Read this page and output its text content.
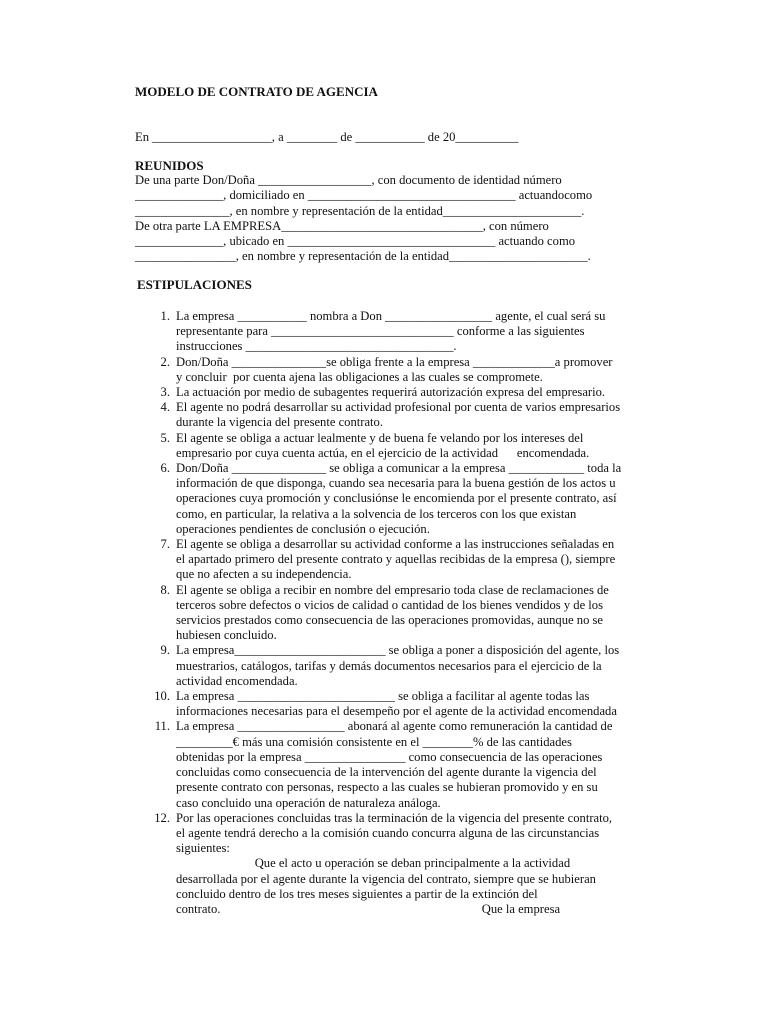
MODELO DE CONTRATO DE AGENCIA
En ___________________, a ________ de ___________ de 20__________
REUNIDOS
De una parte Don/Doña __________________, con documento de identidad número
______________, domiciliado en _________________________________ actuandocomo
_______________, en nombre y representación de la entidad______________________.
De otra parte LA EMPRESA________________________________, con número
______________, ubicado en _________________________________ actuando como
________________, en nombre y representación de la entidad______________________.
ESTIPULACIONES
1. La empresa ___________ nombra a Don _________________ agente, el cual será su
representante para _____________________________ conforme a las siguientes
instrucciones _________________________________.
2. Don/Doña _______________se obliga frente a la empresa _____________a promover
y concluir  por cuenta ajena las obligaciones a las cuales se compromete.
3. La actuación por medio de subagentes requerirá autorización expresa del empresario.
4. El agente no podrá desarrollar su actividad profesional por cuenta de varios empresarios
durante la vigencia del presente contrato.
5. El agente se obliga a actuar lealmente y de buena fe velando por los intereses del
empresario por cuya cuenta actúa, en el ejercicio de la actividad      encomendada.
6. Don/Doña _______________ se obliga a comunicar a la empresa ____________ toda la
información de que disponga, cuando sea necesaria para la buena gestión de los actos u
operaciones cuya promoción y conclusiónse le encomienda por el presente contrato, así
como, en particular, la relativa a la solvencia de los terceros con los que existan
operaciones pendientes de conclusión o ejecución.
7. El agente se obliga a desarrollar su actividad conforme a las instrucciones señaladas en
el apartado primero del presente contrato y aquellas recibidas de la empresa (), siempre
que no afecten a su independencia.
8. El agente se obliga a recibir en nombre del empresario toda clase de reclamaciones de
terceros sobre defectos o vicios de calidad o cantidad de los bienes vendidos y de los
servicios prestados como consecuencia de las operaciones promovidas, aunque no se
hubiesen concluido.
9. La empresa________________________ se obliga a poner a disposición del agente, los
muestrarios, catálogos, tarifas y demás documentos necesarios para el ejercicio de la
actividad encomendada.
10. La empresa _________________________ se obliga a facilitar al agente todas las
informaciones necesarias para el desempeño por el agente de la actividad encomendada
11. La empresa _________________ abonará al agente como remuneración la cantidad de
_________€ más una comisión consistente en el ________% de las cantidades
obtenidas por la empresa ________________ como consecuencia de las operaciones
concluidas como consecuencia de la intervención del agente durante la vigencia del
presente contrato con personas, respecto a las cuales se hubieran promovido y en su
caso concluido una operación de naturaleza análoga.
12. Por las operaciones concluidas tras la terminación de la vigencia del presente contrato,
el agente tendrá derecho a la comisión cuando concurra alguna de las circunstancias
siguientes:
Que el acto u operación se deban principalmente a la actividad
desarrollada por el agente durante la vigencia del contrato, siempre que se hubieran
concluido dentro de los tres meses siguientes a partir de la extinción del
contrato.                                                                                   Que la empresa
